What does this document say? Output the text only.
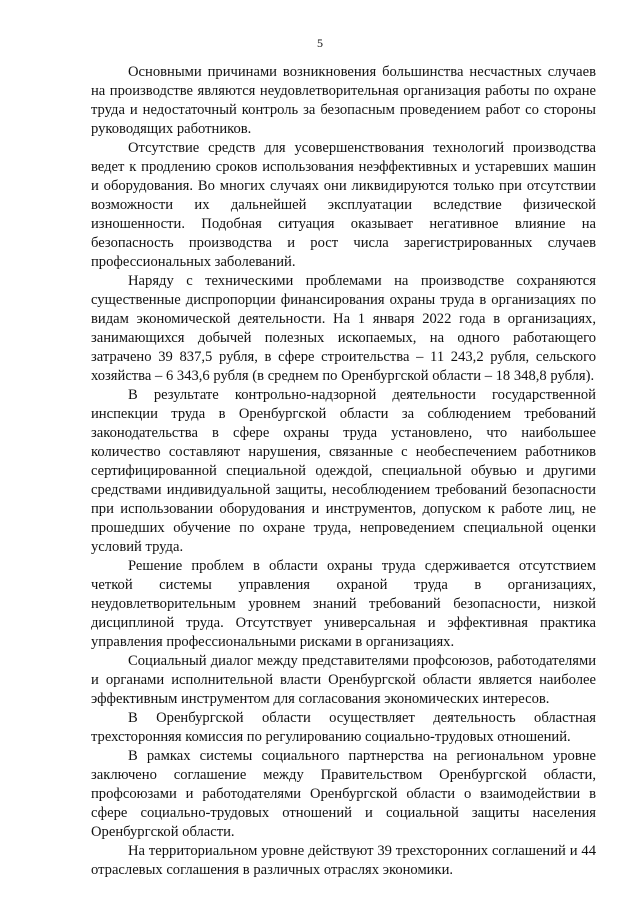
5

Основными причинами возникновения большинства несчастных случаев на производстве являются неудовлетворительная организация работы по охране труда и недостаточный контроль за безопасным проведением работ со стороны руководящих работников.

Отсутствие средств для усовершенствования технологий производства ведет к продлению сроков использования неэффективных и устаревших машин и оборудования. Во многих случаях они ликвидируются только при отсутствии возможности их дальнейшей эксплуатации вследствие физической изношенности. Подобная ситуация оказывает негативное влияние на безопасность производства и рост числа зарегистрированных случаев профессиональных заболеваний.

Наряду с техническими проблемами на производстве сохраняются существенные диспропорции финансирования охраны труда в организациях по видам экономической деятельности. На 1 января 2022 года в организациях, занимающихся добычей полезных ископаемых, на одного работающего затрачено 39 837,5 рубля, в сфере строительства – 11 243,2 рубля, сельского хозяйства – 6 343,6 рубля (в среднем по Оренбургской области – 18 348,8 рубля).

В результате контрольно-надзорной деятельности государственной инспекции труда в Оренбургской области за соблюдением требований законодательства в сфере охраны труда установлено, что наибольшее количество составляют нарушения, связанные с необеспечением работников сертифицированной специальной одеждой, специальной обувью и другими средствами индивидуальной защиты, несоблюдением требований безопасности при использовании оборудования и инструментов, допуском к работе лиц, не прошедших обучение по охране труда, непроведением специальной оценки условий труда.

Решение проблем в области охраны труда сдерживается отсутствием четкой системы управления охраной труда в организациях, неудовлетворительным уровнем знаний требований безопасности, низкой дисциплиной труда. Отсутствует универсальная и эффективная практика управления профессиональными рисками в организациях.

Социальный диалог между представителями профсоюзов, работодателями и органами исполнительной власти Оренбургской области является наиболее эффективным инструментом для согласования экономических интересов.

В Оренбургской области осуществляет деятельность областная трехсторонняя комиссия по регулированию социально-трудовых отношений.

В рамках системы социального партнерства на региональном уровне заключено соглашение между Правительством Оренбургской области, профсоюзами и работодателями Оренбургской области о взаимодействии в сфере социально-трудовых отношений и социальной защиты населения Оренбургской области.

На территориальном уровне действуют 39 трехсторонних соглашений и 44 отраслевых соглашения в различных отраслях экономики.
